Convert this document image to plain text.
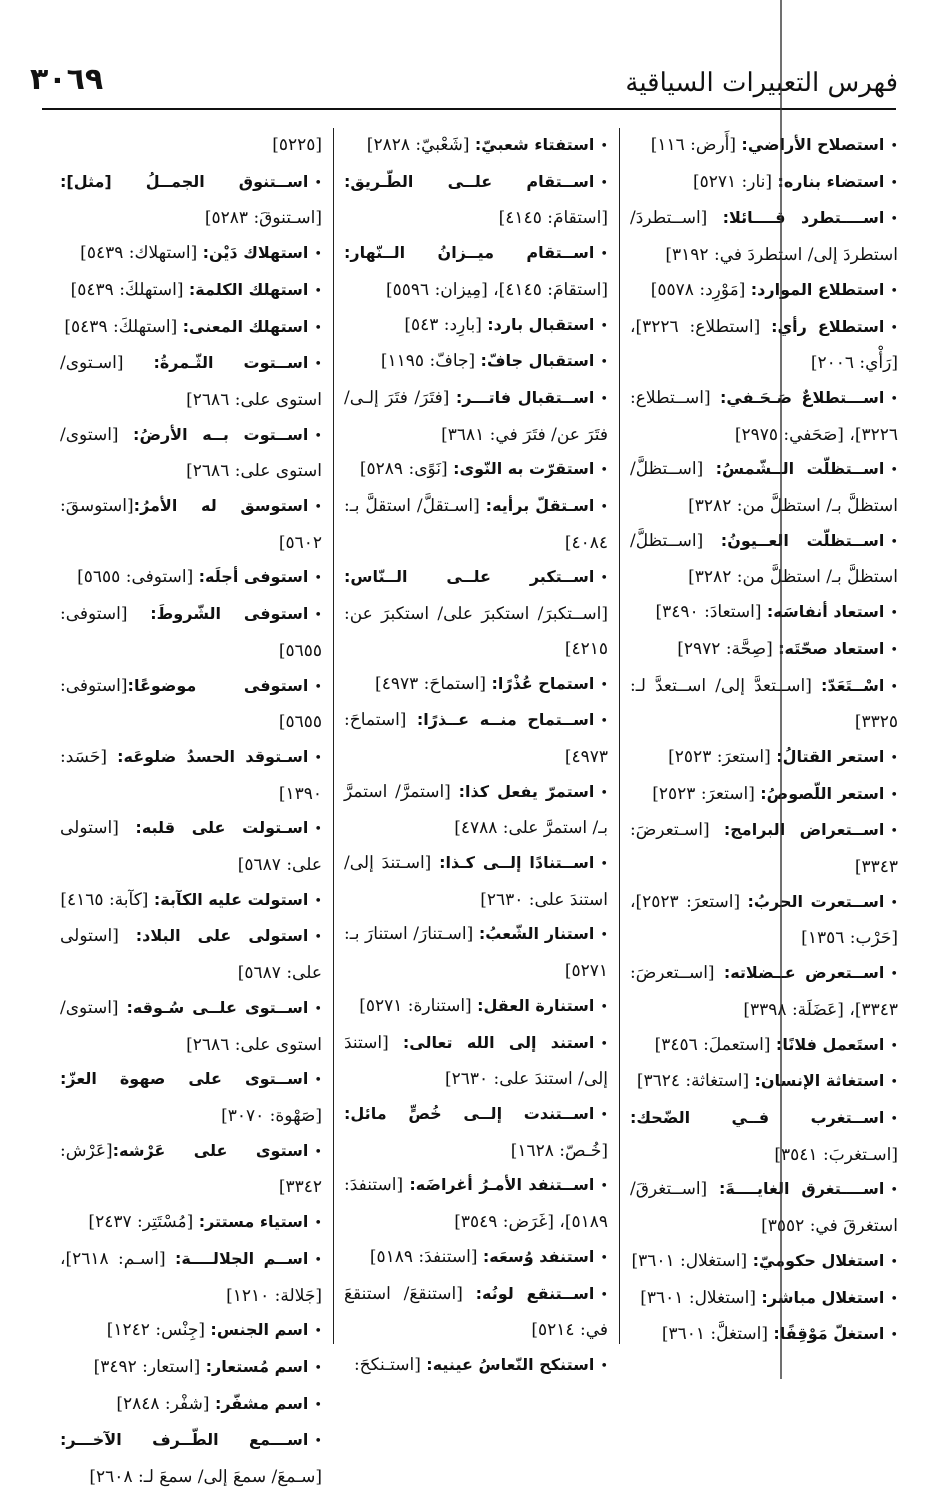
٣٠٦٩	فهرس التعبيرات السياقية

• استصلاح الأراضي: [أَرض: ١١٦]

• استضاء بناره: [نار: ٥٢٧١]

• اســــتطرد قــــائلا: [اســتطردَ/ استطردَ إلى/ استطردَ في: ٣١٩٢]

• استطلاع الموارد: [مَوْرِد: ٥٥٧٨]

• استطلاع رأي: [استطلاع: ٣٢٢٦]، [رَأْي: ٢٠٠٦]

• اســـتطلاعٌ صَـحَـفي: [اســتطلاع: ٣٢٢٦]، [صَحَفي: ٢٩٧٥]

• اســتظلّت الــشّمسُ: [اســتظلَّ/ استظلَّ بـ/ استظلَّ من: ٣٢٨٢]

• اســتظلّت العــيونُ: [اســتظلَّ/ استظلَّ بـ/ استظلَّ من: ٣٢٨٢]

• استعاد أنفاسَه: [استعادَ: ٣٤٩٠]

• استعاد صحّتَه: [صِحَّة: ٢٩٧٢]

• اسْــتَعَدّ: [اســتعدَّ إلى/ اســتعدَّ لـ: ٣٣٢٥]

• استعر القتالُ: [استعرَ: ٢٥٢٣]

• استعر اللّصوصُ: [استعرَ: ٢٥٢٣]

• اســتعراض البرامج: [اسـتعرضَ: ٣٣٤٣]

• اســتعرت الحربُ: [استعرَ: ٢٥٢٣]، [حَرْب: ١٣٥٦]

• اســتعرض عــضلاته: [اســتعرضَ: ٣٣٤٣]، [عَضَلَة: ٣٣٩٨]

• استَعمل فلانًا: [استعملَ: ٣٤٥٦]

• استغاثة الإنسان: [استغاثة: ٣٦٢٤]

• اســتغرب فــي الضّحك: [اسـتغربَ: ٣٥٤١]

• اســــتغرق الغايــــةَ: [اســتغرقَ/ استغرقَ في: ٣٥٥٢]

• استغلال حكوميّ: [استغلال: ٣٦٠١]

• استغلال مباشر: [استغلال: ٣٦٠١]

• استغلّ مَوْقِفًا: [استغلَّ: ٣٦٠١]

• استفتاء شعبيّ: [شَعْبيّ: ٢٨٢٨]

• اســتقام علــى الطّـريق: [استقامَ: ٤١٤٥]

• اســتقام ميــزانُ الــنّهار: [استقامَ: ٤١٤٥]، [مِيزان: ٥٥٩٦]

• استقبال بارد: [بارِد: ٥٤٣]

• استقبال جافّ: [جافّ: ١١٩٥]

• اســتقبال فاتـــر: [فتَرَ/ فتَرَ إلـى/ فتَرَ عن/ فتَرَ في: ٣٦٨١]

• استقرّت به النّوى: [نَوًى: ٥٢٨٩]

• اسـتقلّ برأيه: [اسـتقلَّ/ استقلَّ بـ: ٤٠٨٤]

• اســتكبر علــى الــنّاس: [اســتكبرَ/ استكبرَ على/ استكبرَ عن: ٤٢١٥]

• استماح عُذْرًا: [استماحَ: ٤٩٧٣]

• اســتماح منــه عــذرًا: [استماحَ: ٤٩٧٣]

• استمرّ يفعل كذا: [استمرَّ/ استمرَّ بـ/ استمرَّ على: ٤٧٨٨]

• اســتنادًا إلــى كـذا: [اسـتندَ إلى/ استندَ على: ٢٦٣٠]

• استنار الشّعبُ: [اسـتنارَ/ استنارَ بـ: ٥٢٧١]

• استنارة العقل: [استنارة: ٥٢٧١]

• استند إلى الله تعالى: [استندَ إلى/ استندَ على: ٢٦٣٠]

• اســتندت إلــى خُصٍّ مائل: [خُـصّ: ١٦٢٨]

• اســتنفد الأمـرُ أغراضَه: [استنفدَ: ٥١٨٩]، [غَرَض: ٣٥٤٩]

• استنفد وُسعَه: [استنفدَ: ٥١٨٩]

• اســتنقع لونُه: [استنقعَ/ استنقعَ في: ٥٢١٤]

• استنكح النّعاسُ عينيه: [استـنكحَ:

[٥٢٢٥]

• اســتنوق الجمــلُ [مثل]: [اسـتنوقَ: ٥٢٨٣]

• استهلاك دَيْن: [استهلاك: ٥٤٣٩]

• استهلك الكلمة: [استهلكَ: ٥٤٣٩]

• استهلك المعنى: [استهلكَ: ٥٤٣٩]

• اســتوت الثّـمرةُ: [اسـتوى/ استوى على: ٢٦٨٦]

• اســتوت بــه الأرضُ: [استوى/ استوى على: ٢٦٨٦]

• استوسق له الأمرُ:[استوسقَ: ٥٦٠٢]

• استوفى أجلَه: [استوفى: ٥٦٥٥]

• استوفى الشّروطَ: [استوفى: ٥٦٥٥]

• استوفى موضوعًا:[استوفى: ٥٦٥٥]

• اسـتوقد الحسدُ ضلوعَه: [حَسَد: ١٣٩٠]

• اسـتولت على قلبه: [استولى على: ٥٦٨٧]

• استولت عليه الكآبة: [كآبة: ٤١٦٥]

• استولى على البلاد: [استولى على: ٥٦٨٧]

• اســتوى علــى سُـوقه: [استوى/ استوى على: ٢٦٨٦]

• اســتوى على صهوة العزّ: [صَهْوة: ٣٠٧٠]

• استوى على عَرْشه:[عَرْش: ٣٣٤٢]

• استياء مستتر: [مُسْتَتِر: ٢٤٣٧]

• اســم الجلالــــة: [اسـم: ٢٦١٨]، [جَلالة: ١٢١٠]

• اسم الجنس: [جِنْس: ١٢٤٢]

• اسم مُستعار: [استعار: ٣٤٩٢]

• اسم مشفّر: [شفْر: ٢٨٤٨]

• اســـمع الطّــرف الآخـــر: [سـمعَ/ سمعَ إلى/ سمعَ لـ: ٢٦٠٨]
